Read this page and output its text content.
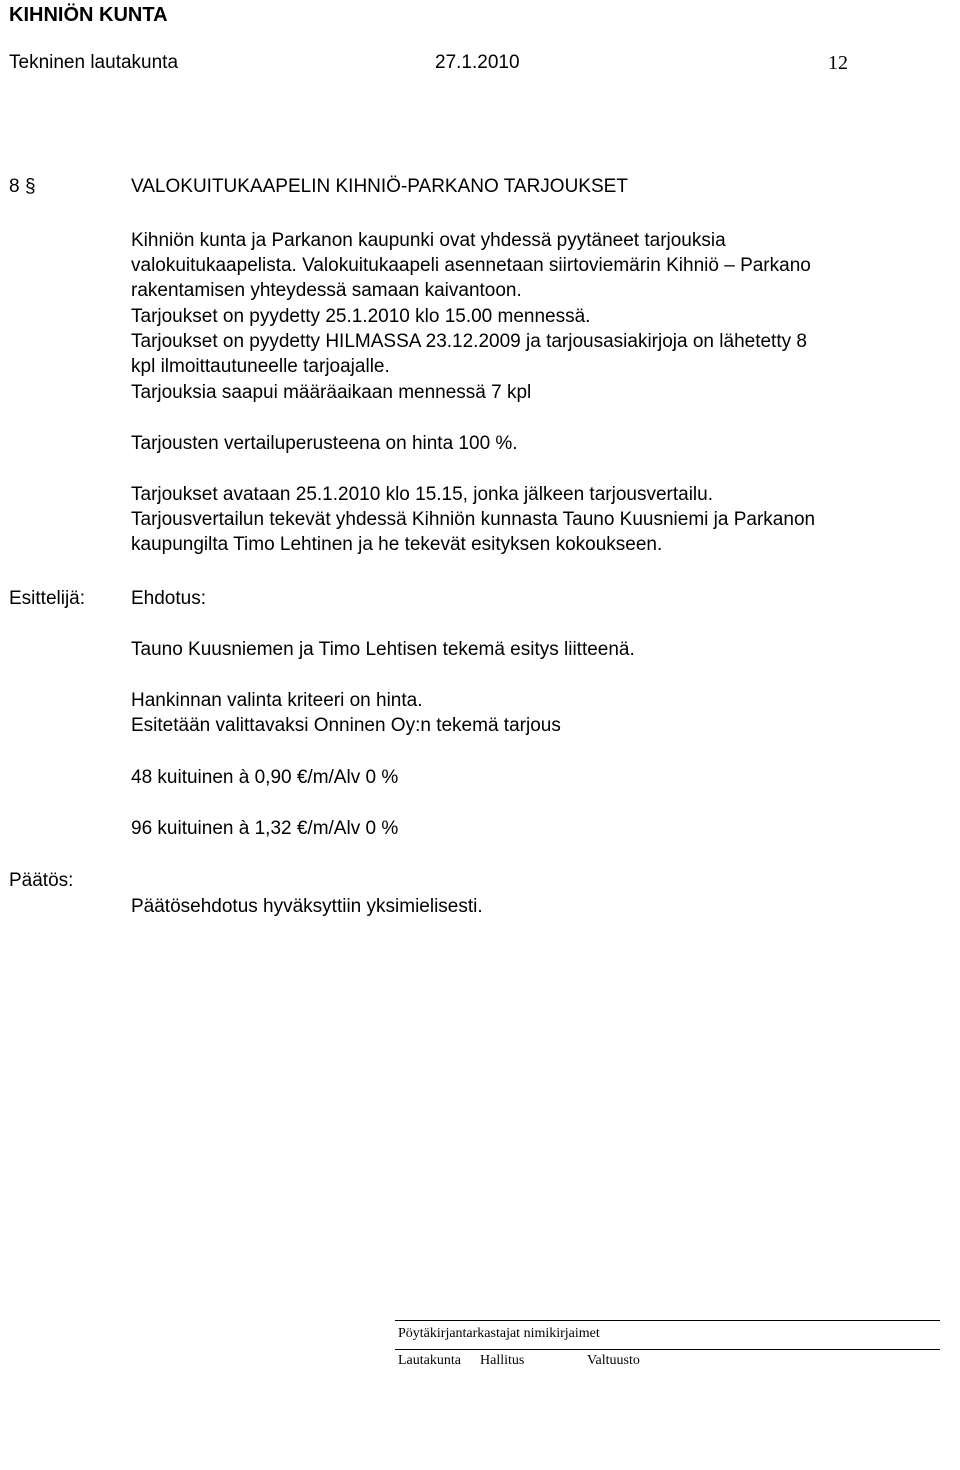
KIHNIÖN KUNTA
Tekninen lautakunta	27.1.2010	12
8 §	VALOKUITUKAAPELIN KIHNIÖ-PARKANO TARJOUKSET
Kihniön kunta ja Parkanon kaupunki ovat yhdessä pyytäneet tarjouksia
valokuitukaapelista. Valokuitukaapeli asennetaan siirtoviemärin Kihniö – Parkano
rakentamisen yhteydessä samaan kaivantoon.
Tarjoukset on pyydetty 25.1.2010 klo 15.00 mennessä.
Tarjoukset on pyydetty HILMASSA 23.12.2009 ja tarjousasiakirjoja on lähetetty 8
kpl ilmoittautuneelle tarjoajalle.
Tarjouksia saapui määräaikaan mennessä 7 kpl
Tarjousten vertailuperusteena on hinta 100 %.
Tarjoukset avataan 25.1.2010 klo 15.15, jonka jälkeen tarjousvertailu.
Tarjousvertailun tekevät yhdessä Kihniön kunnasta Tauno Kuusniemi ja Parkanon
kaupungilta Timo Lehtinen ja he tekevät esityksen kokoukseen.
Esittelijä: Ehdotus:
Tauno Kuusniemen ja Timo Lehtisen tekemä esitys liitteenä.
Hankinnan valinta kriteeri on hinta.
Esitetään valittavaksi Onninen Oy:n tekemä tarjous
48 kuituinen à 0,90 €/m/Alv 0 %
96 kuituinen à 1,32 €/m/Alv 0 %
Päätös:
Päätösehdotus hyväksyttiin yksimielisesti.
Pöytäkirjantarkastajat nimikirjaimet
Lautakunta Hallitus	Valtuusto
